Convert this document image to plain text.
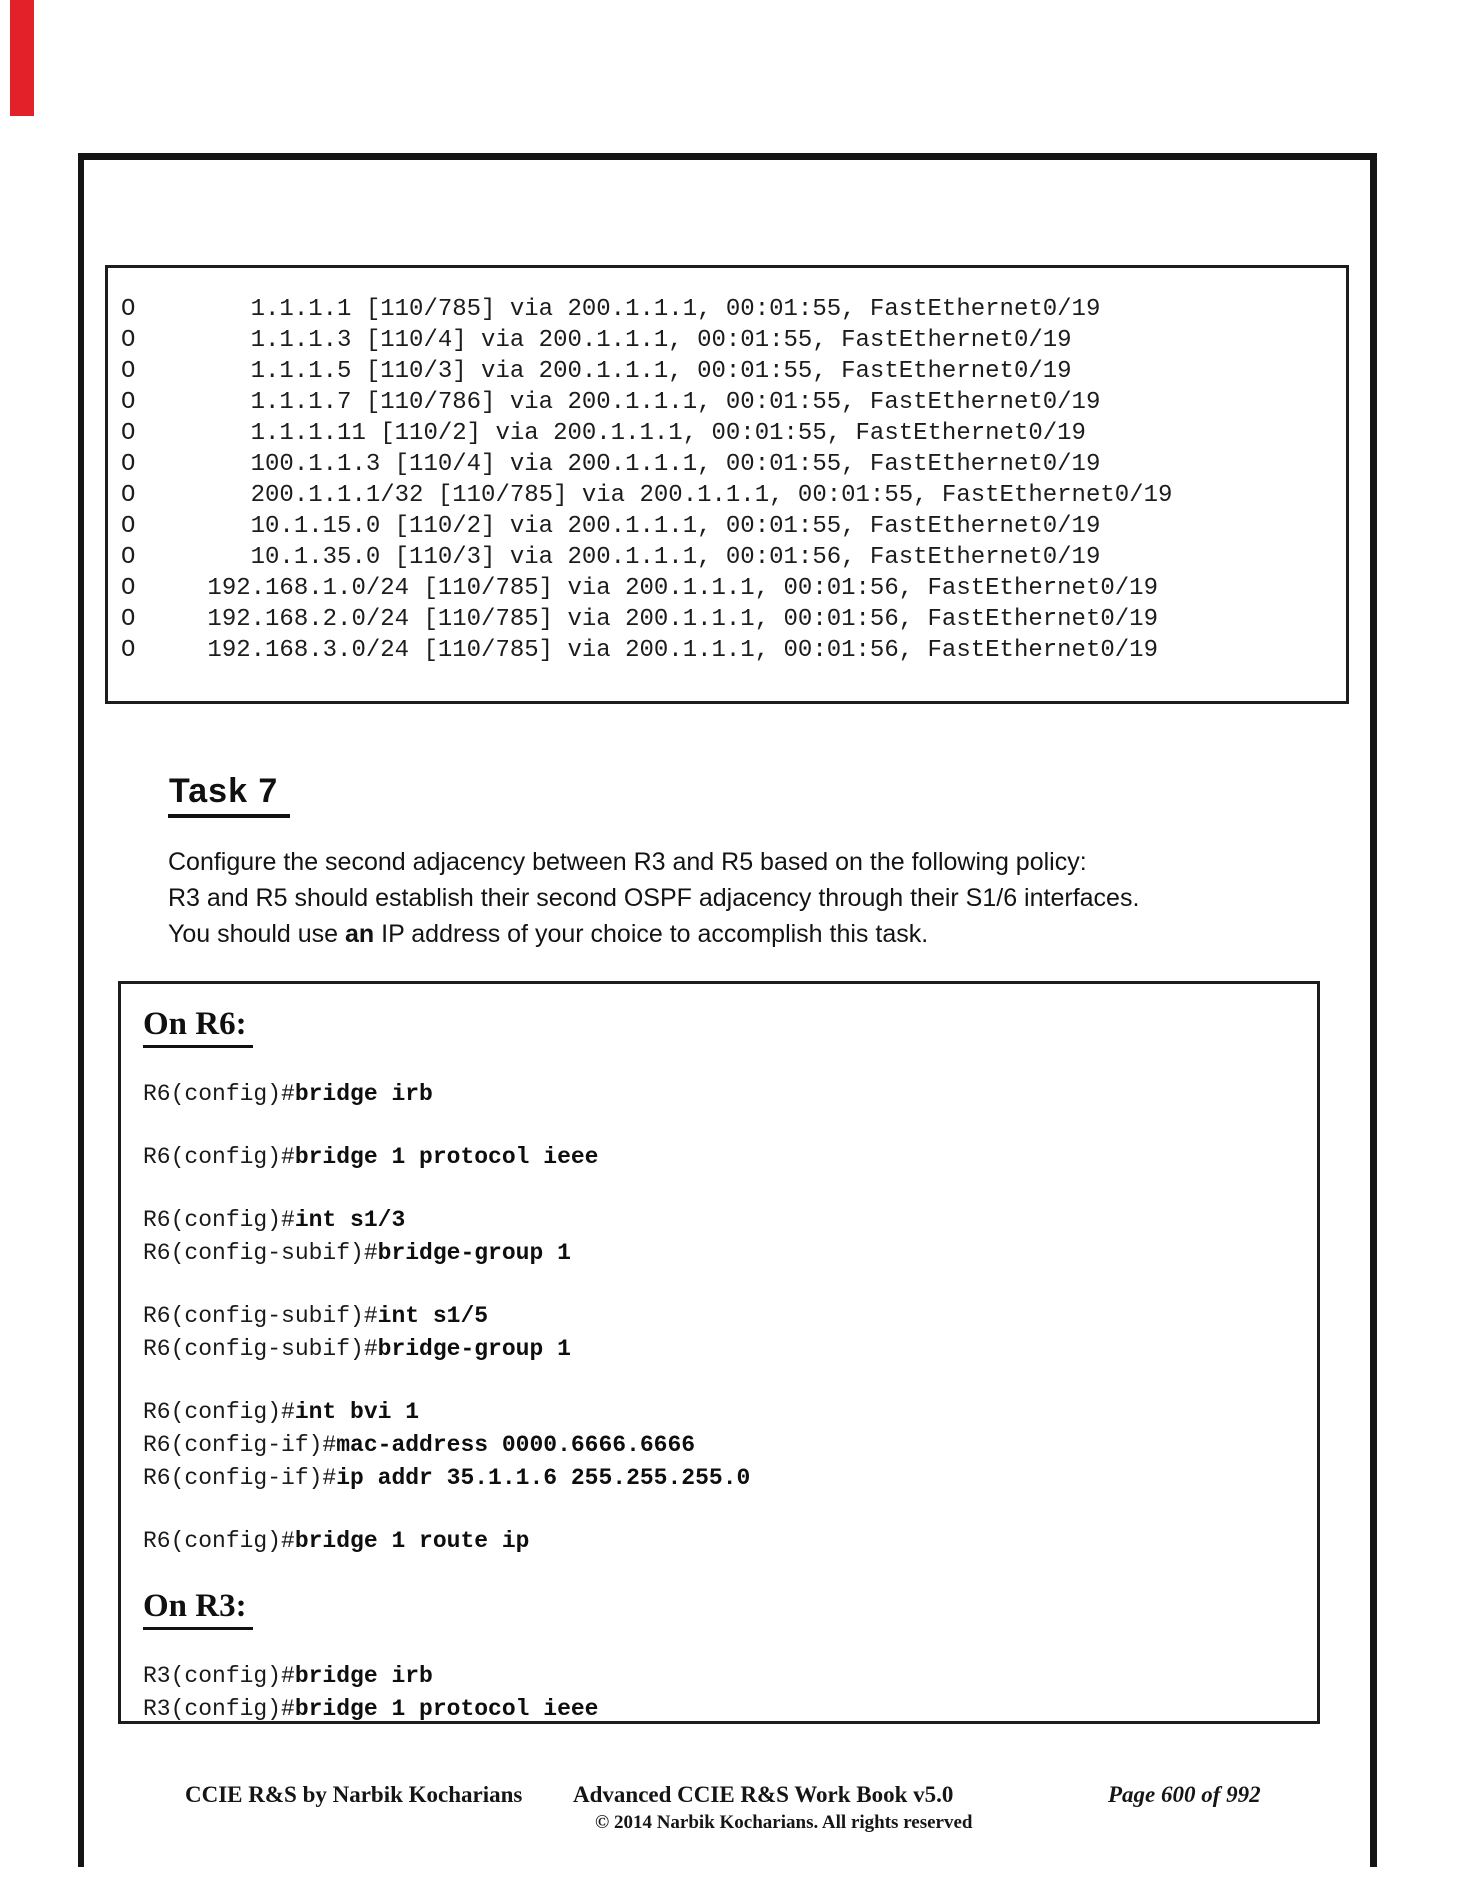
O        1.1.1.1 [110/785] via 200.1.1.1, 00:01:55, FastEthernet0/19
O        1.1.1.3 [110/4] via 200.1.1.1, 00:01:55, FastEthernet0/19
O        1.1.1.5 [110/3] via 200.1.1.1, 00:01:55, FastEthernet0/19
O        1.1.1.7 [110/786] via 200.1.1.1, 00:01:55, FastEthernet0/19
O        1.1.1.11 [110/2] via 200.1.1.1, 00:01:55, FastEthernet0/19
O        100.1.1.3 [110/4] via 200.1.1.1, 00:01:55, FastEthernet0/19
O        200.1.1.1/32 [110/785] via 200.1.1.1, 00:01:55, FastEthernet0/19
O        10.1.15.0 [110/2] via 200.1.1.1, 00:01:55, FastEthernet0/19
O        10.1.35.0 [110/3] via 200.1.1.1, 00:01:56, FastEthernet0/19
O     192.168.1.0/24 [110/785] via 200.1.1.1, 00:01:56, FastEthernet0/19
O     192.168.2.0/24 [110/785] via 200.1.1.1, 00:01:56, FastEthernet0/19
O     192.168.3.0/24 [110/785] via 200.1.1.1, 00:01:56, FastEthernet0/19
Task 7
Configure the second adjacency between R3 and R5 based on the following policy:
R3 and R5 should establish their second OSPF adjacency through their S1/6 interfaces.
You should use an IP address of your choice to accomplish this task.
On R6:
R6(config)#bridge irb
R6(config)#bridge 1 protocol ieee
R6(config)#int s1/3
R6(config-subif)#bridge-group 1
R6(config-subif)#int s1/5
R6(config-subif)#bridge-group 1
R6(config)#int bvi 1
R6(config-if)#mac-address 0000.6666.6666
R6(config-if)#ip addr 35.1.1.6 255.255.255.0
R6(config)#bridge 1 route ip
On R3:
R3(config)#bridge irb
R3(config)#bridge 1 protocol ieee
CCIE R&S by Narbik Kocharians Advanced CCIE R&S Work Book v5.0
© 2014 Narbik Kocharians. All rights reserved
Page 600 of 992
